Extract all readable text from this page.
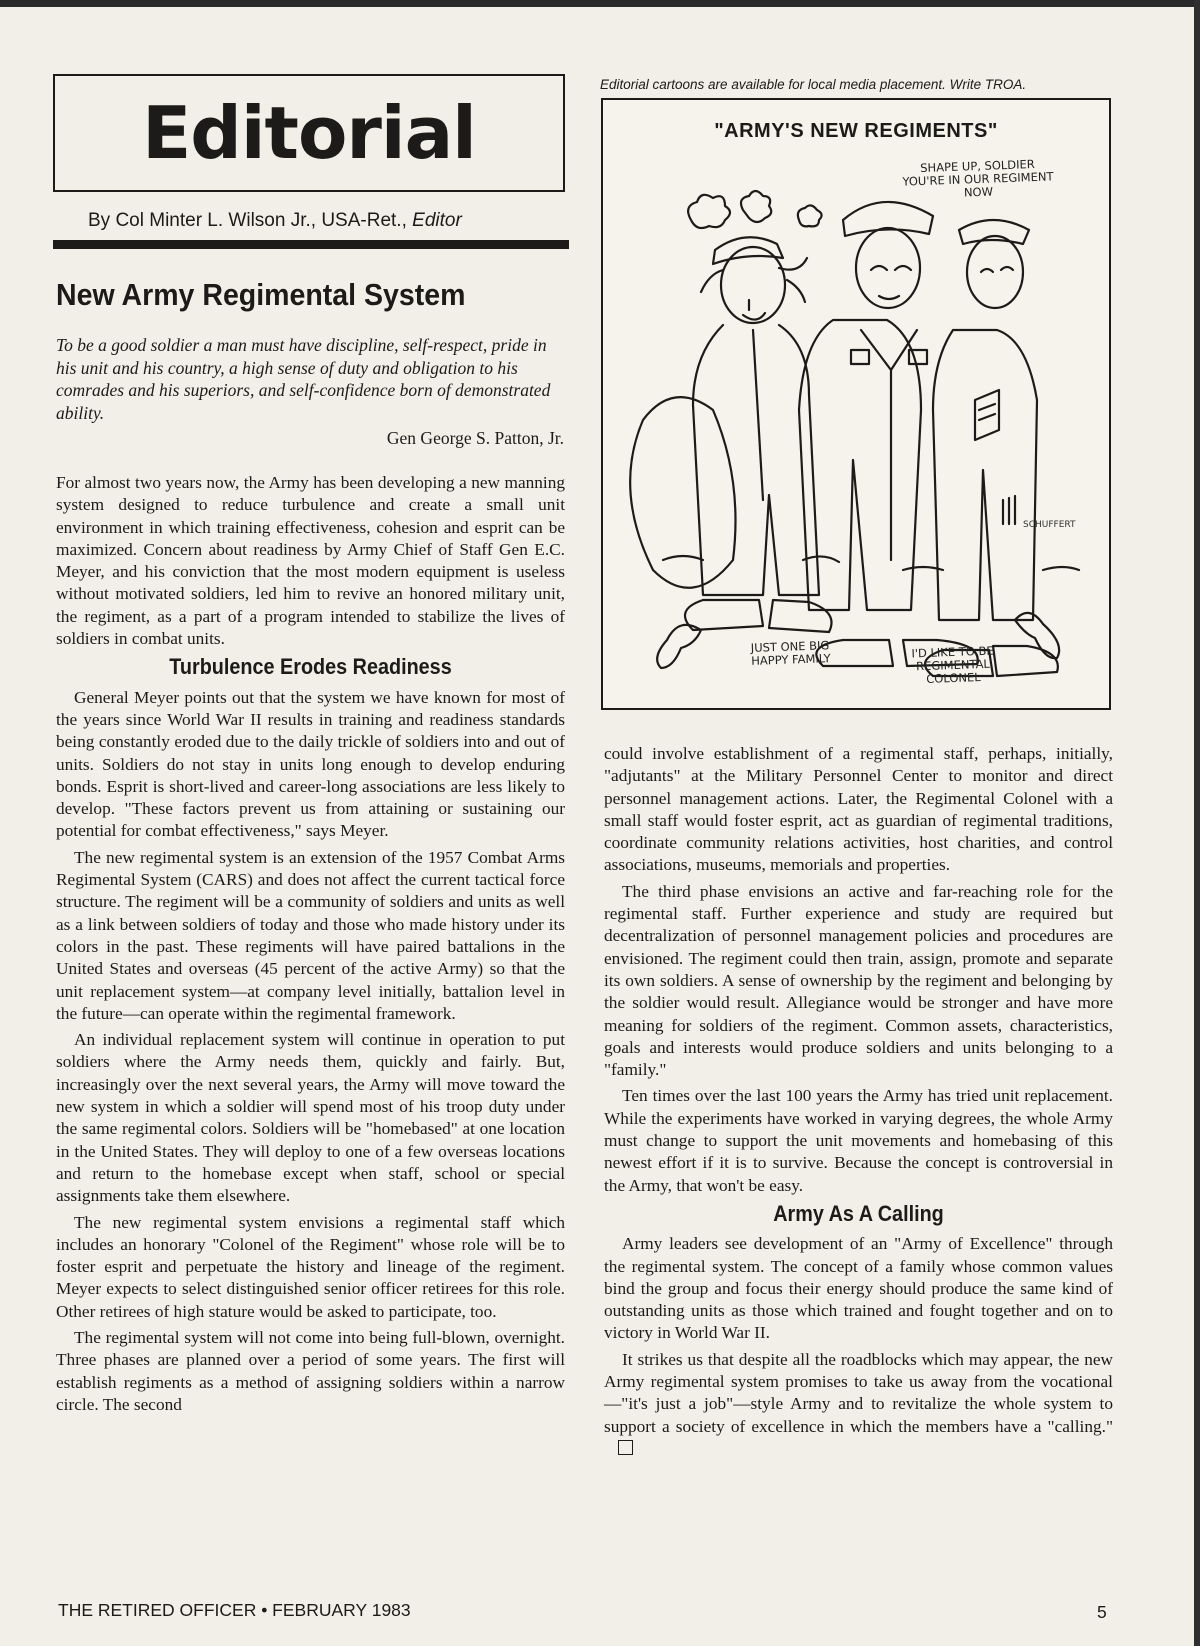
Editorial
By Col Minter L. Wilson Jr., USA-Ret., Editor
New Army Regimental System

To be a good soldier a man must have discipline, self-respect, pride in his unit and his country, a high sense of duty and obligation to his comrades and his superiors, and self-confidence born of demonstrated ability.

Gen George S. Patton, Jr.

For almost two years now, the Army has been developing a new manning system designed to reduce turbulence and create a small unit environment in which training effectiveness, cohesion and esprit can be maximized. Concern about readiness by Army Chief of Staff Gen E.C. Meyer, and his conviction that the most modern equipment is useless without motivated soldiers, led him to revive an honored military unit, the regiment, as a part of a program intended to stabilize the lives of soldiers in combat units.

Turbulence Erodes Readiness

General Meyer points out that the system we have known for most of the years since World War II results in training and readiness standards being constantly eroded due to the daily trickle of soldiers into and out of units. Soldiers do not stay in units long enough to develop enduring bonds. Esprit is short-lived and career-long associations are less likely to develop. "These factors prevent us from attaining or sustaining our potential for combat effectiveness," says Meyer.

The new regimental system is an extension of the 1957 Combat Arms Regimental System (CARS) and does not affect the current tactical force structure. The regiment will be a community of soldiers and units as well as a link between soldiers of today and those who made history under its colors in the past. These regiments will have paired battalions in the United States and overseas (45 percent of the active Army) so that the unit replacement system—at company level initially, battalion level in the future—can operate within the regimental framework.

An individual replacement system will continue in operation to put soldiers where the Army needs them, quickly and fairly. But, increasingly over the next several years, the Army will move toward the new system in which a soldier will spend most of his troop duty under the same regimental colors. Soldiers will be "homebased" at one location in the United States. They will deploy to one of a few overseas locations and return to the homebase except when staff, school or special assignments take them elsewhere.

The new regimental system envisions a regimental staff which includes an honorary "Colonel of the Regiment" whose role will be to foster esprit and perpetuate the history and lineage of the regiment. Meyer expects to select distinguished senior officer retirees for this role. Other retirees of high stature would be asked to participate, too.

The regimental system will not come into being full-blown, overnight. Three phases are planned over a period of some years. The first will establish regiments as a method of assigning soldiers within a narrow circle. The second

Editorial cartoons are available for local media placement. Write TROA.
"ARMY'S NEW REGIMENTS"
SHAPE UP, SOLDIER YOU'RE IN OUR REGIMENT NOW
JUST ONE BIG HAPPY FAMILY	I'D LIKE TO BE REGIMENTAL COLONEL
SCHUFFERT

could involve establishment of a regimental staff, perhaps, initially, "adjutants" at the Military Personnel Center to monitor and direct personnel management actions. Later, the Regimental Colonel with a small staff would foster esprit, act as guardian of regimental traditions, coordinate community relations activities, host charities, and control associations, museums, memorials and properties.

The third phase envisions an active and far-reaching role for the regimental staff. Further experience and study are required but decentralization of personnel management policies and procedures are envisioned. The regiment could then train, assign, promote and separate its own soldiers. A sense of ownership by the regiment and belonging by the soldier would result. Allegiance would be stronger and have more meaning for soldiers of the regiment. Common assets, characteristics, goals and interests would produce soldiers and units belonging to a "family."

Ten times over the last 100 years the Army has tried unit replacement. While the experiments have worked in varying degrees, the whole Army must change to support the unit movements and homebasing of this newest effort if it is to survive. Because the concept is controversial in the Army, that won't be easy.

Army As A Calling

Army leaders see development of an "Army of Excellence" through the regimental system. The concept of a family whose common values bind the group and focus their energy should produce the same kind of outstanding units as those which trained and fought together and on to victory in World War II.

It strikes us that despite all the roadblocks which may appear, the new Army regimental system promises to take us away from the vocational—"it's just a job"—style Army and to revitalize the whole system to support a society of excellence in which the members have a "calling."

THE RETIRED OFFICER • FEBRUARY 1983	5
